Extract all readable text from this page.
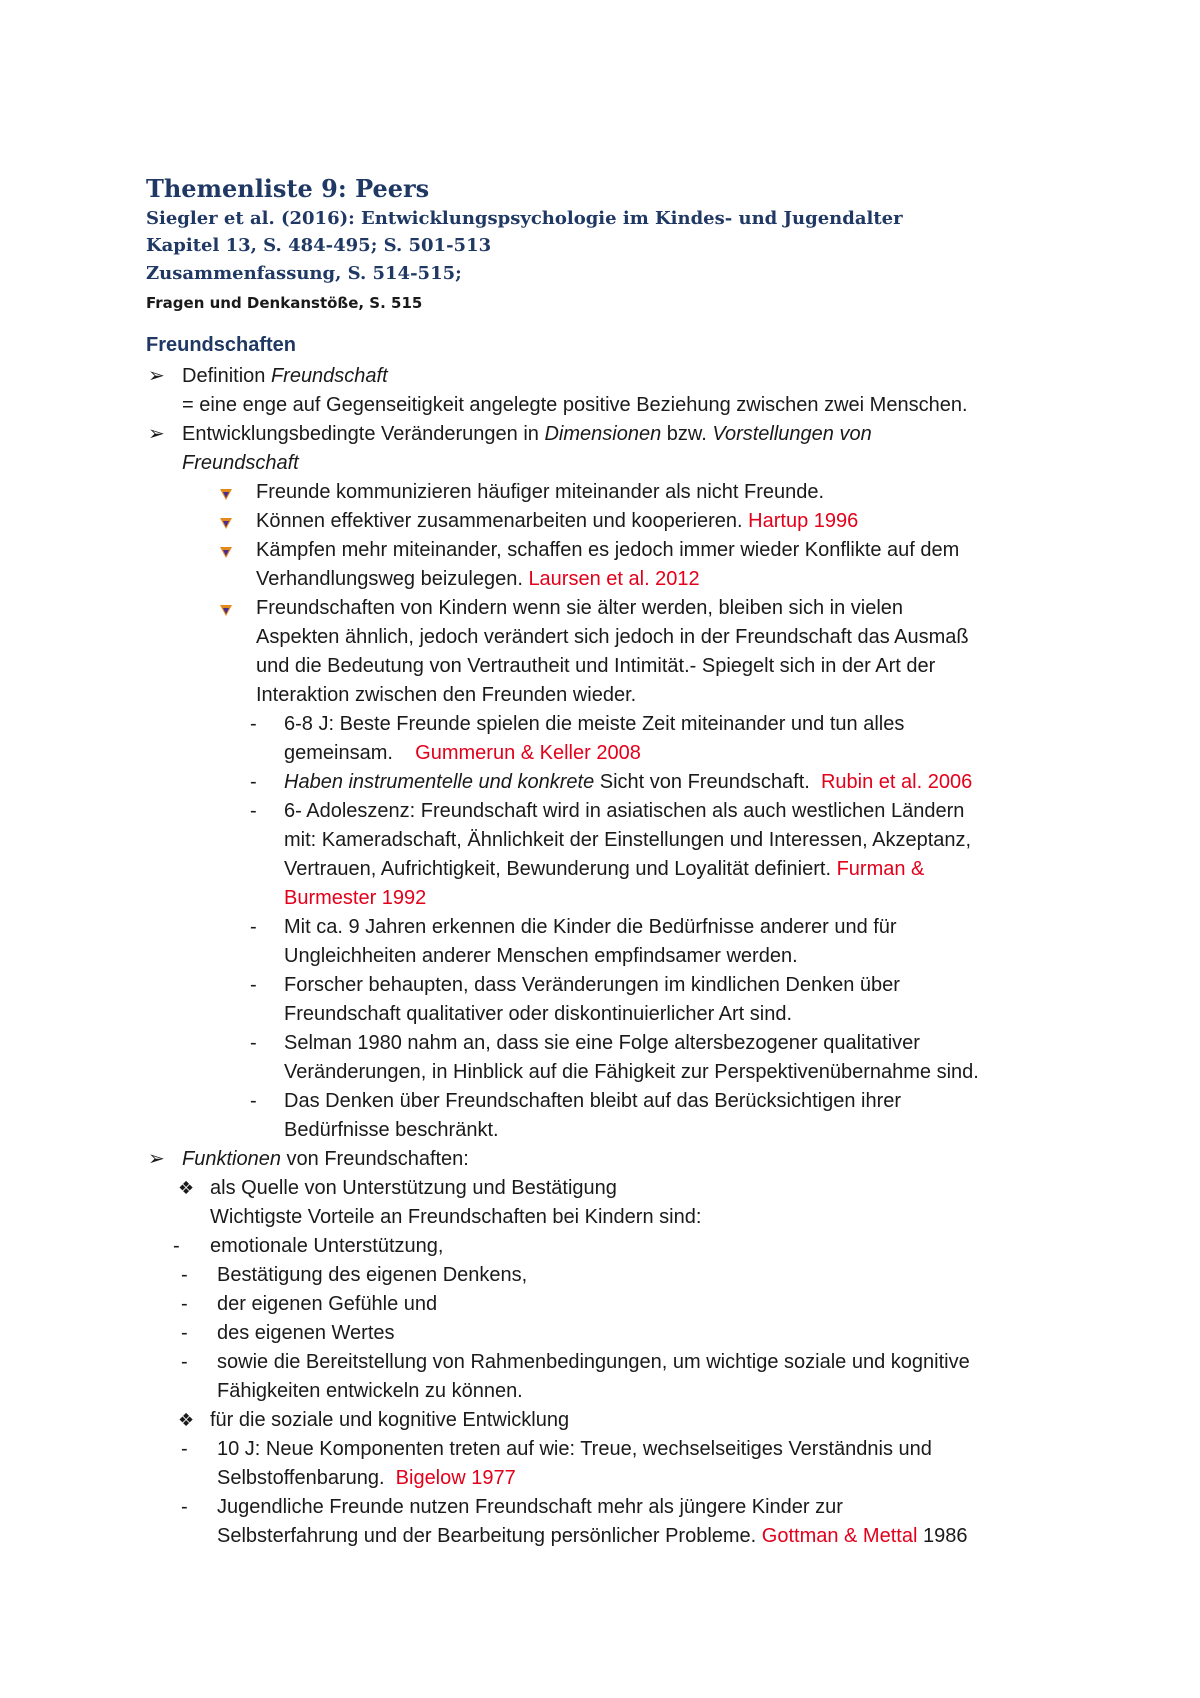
Themenliste 9: Peers
Siegler et al. (2016): Entwicklungspsychologie im Kindes- und Jugendalter
Kapitel 13, S. 484-495; S. 501-513
Zusammenfassung, S. 514-515;
Fragen und Denkanstöße, S. 515
Freundschaften
➢ Definition Freundschaft
= eine enge auf Gegenseitigkeit angelegte positive Beziehung zwischen zwei Menschen.
➢ Entwicklungsbedingte Veränderungen in Dimensionen bzw. Vorstellungen von
Freundschaft
Freunde kommunizieren häufiger miteinander als nicht Freunde.
Können effektiver zusammenarbeiten und kooperieren. Hartup 1996
Kämpfen mehr miteinander, schaffen es jedoch immer wieder Konflikte auf dem
Verhandlungsweg beizulegen. Laursen et al. 2012
Freundschaften von Kindern wenn sie älter werden, bleiben sich in vielen
Aspekten ähnlich, jedoch verändert sich jedoch in der Freundschaft das Ausmaß
und die Bedeutung von Vertrautheit und Intimität.- Spiegelt sich in der Art der
Interaktion zwischen den Freunden wieder.
- 6-8 J: Beste Freunde spielen die meiste Zeit miteinander und tun alles
gemeinsam.    Gummerun & Keller 2008
- Haben instrumentelle und konkrete Sicht von Freundschaft.  Rubin et al. 2006
- 6- Adoleszenz: Freundschaft wird in asiatischen als auch westlichen Ländern
mit: Kameradschaft, Ähnlichkeit der Einstellungen und Interessen, Akzeptanz,
Vertrauen, Aufrichtigkeit, Bewunderung und Loyalität definiert. Furman &
Burmester 1992
- Mit ca. 9 Jahren erkennen die Kinder die Bedürfnisse anderer und für
Ungleichheiten anderer Menschen empfindsamer werden.
- Forscher behaupten, dass Veränderungen im kindlichen Denken über
Freundschaft qualitativer oder diskontinuierlicher Art sind.
- Selman 1980 nahm an, dass sie eine Folge altersbezogener qualitativer
Veränderungen, in Hinblick auf die Fähigkeit zur Perspektivenübernahme sind.
- Das Denken über Freundschaften bleibt auf das Berücksichtigen ihrer
Bedürfnisse beschränkt.
➢ Funktionen von Freundschaften:
❖ als Quelle von Unterstützung und Bestätigung
Wichtigste Vorteile an Freundschaften bei Kindern sind:
- emotionale Unterstützung,
- Bestätigung des eigenen Denkens,
- der eigenen Gefühle und
- des eigenen Wertes
- sowie die Bereitstellung von Rahmenbedingungen, um wichtige soziale und kognitive
Fähigkeiten entwickeln zu können.
❖ für die soziale und kognitive Entwicklung
- 10 J: Neue Komponenten treten auf wie: Treue, wechselseitiges Verständnis und
Selbstoffenbarung.  Bigelow 1977
- Jugendliche Freunde nutzen Freundschaft mehr als jüngere Kinder zur
Selbsterfahrung und der Bearbeitung persönlicher Probleme. Gottman & Mettal 1986
